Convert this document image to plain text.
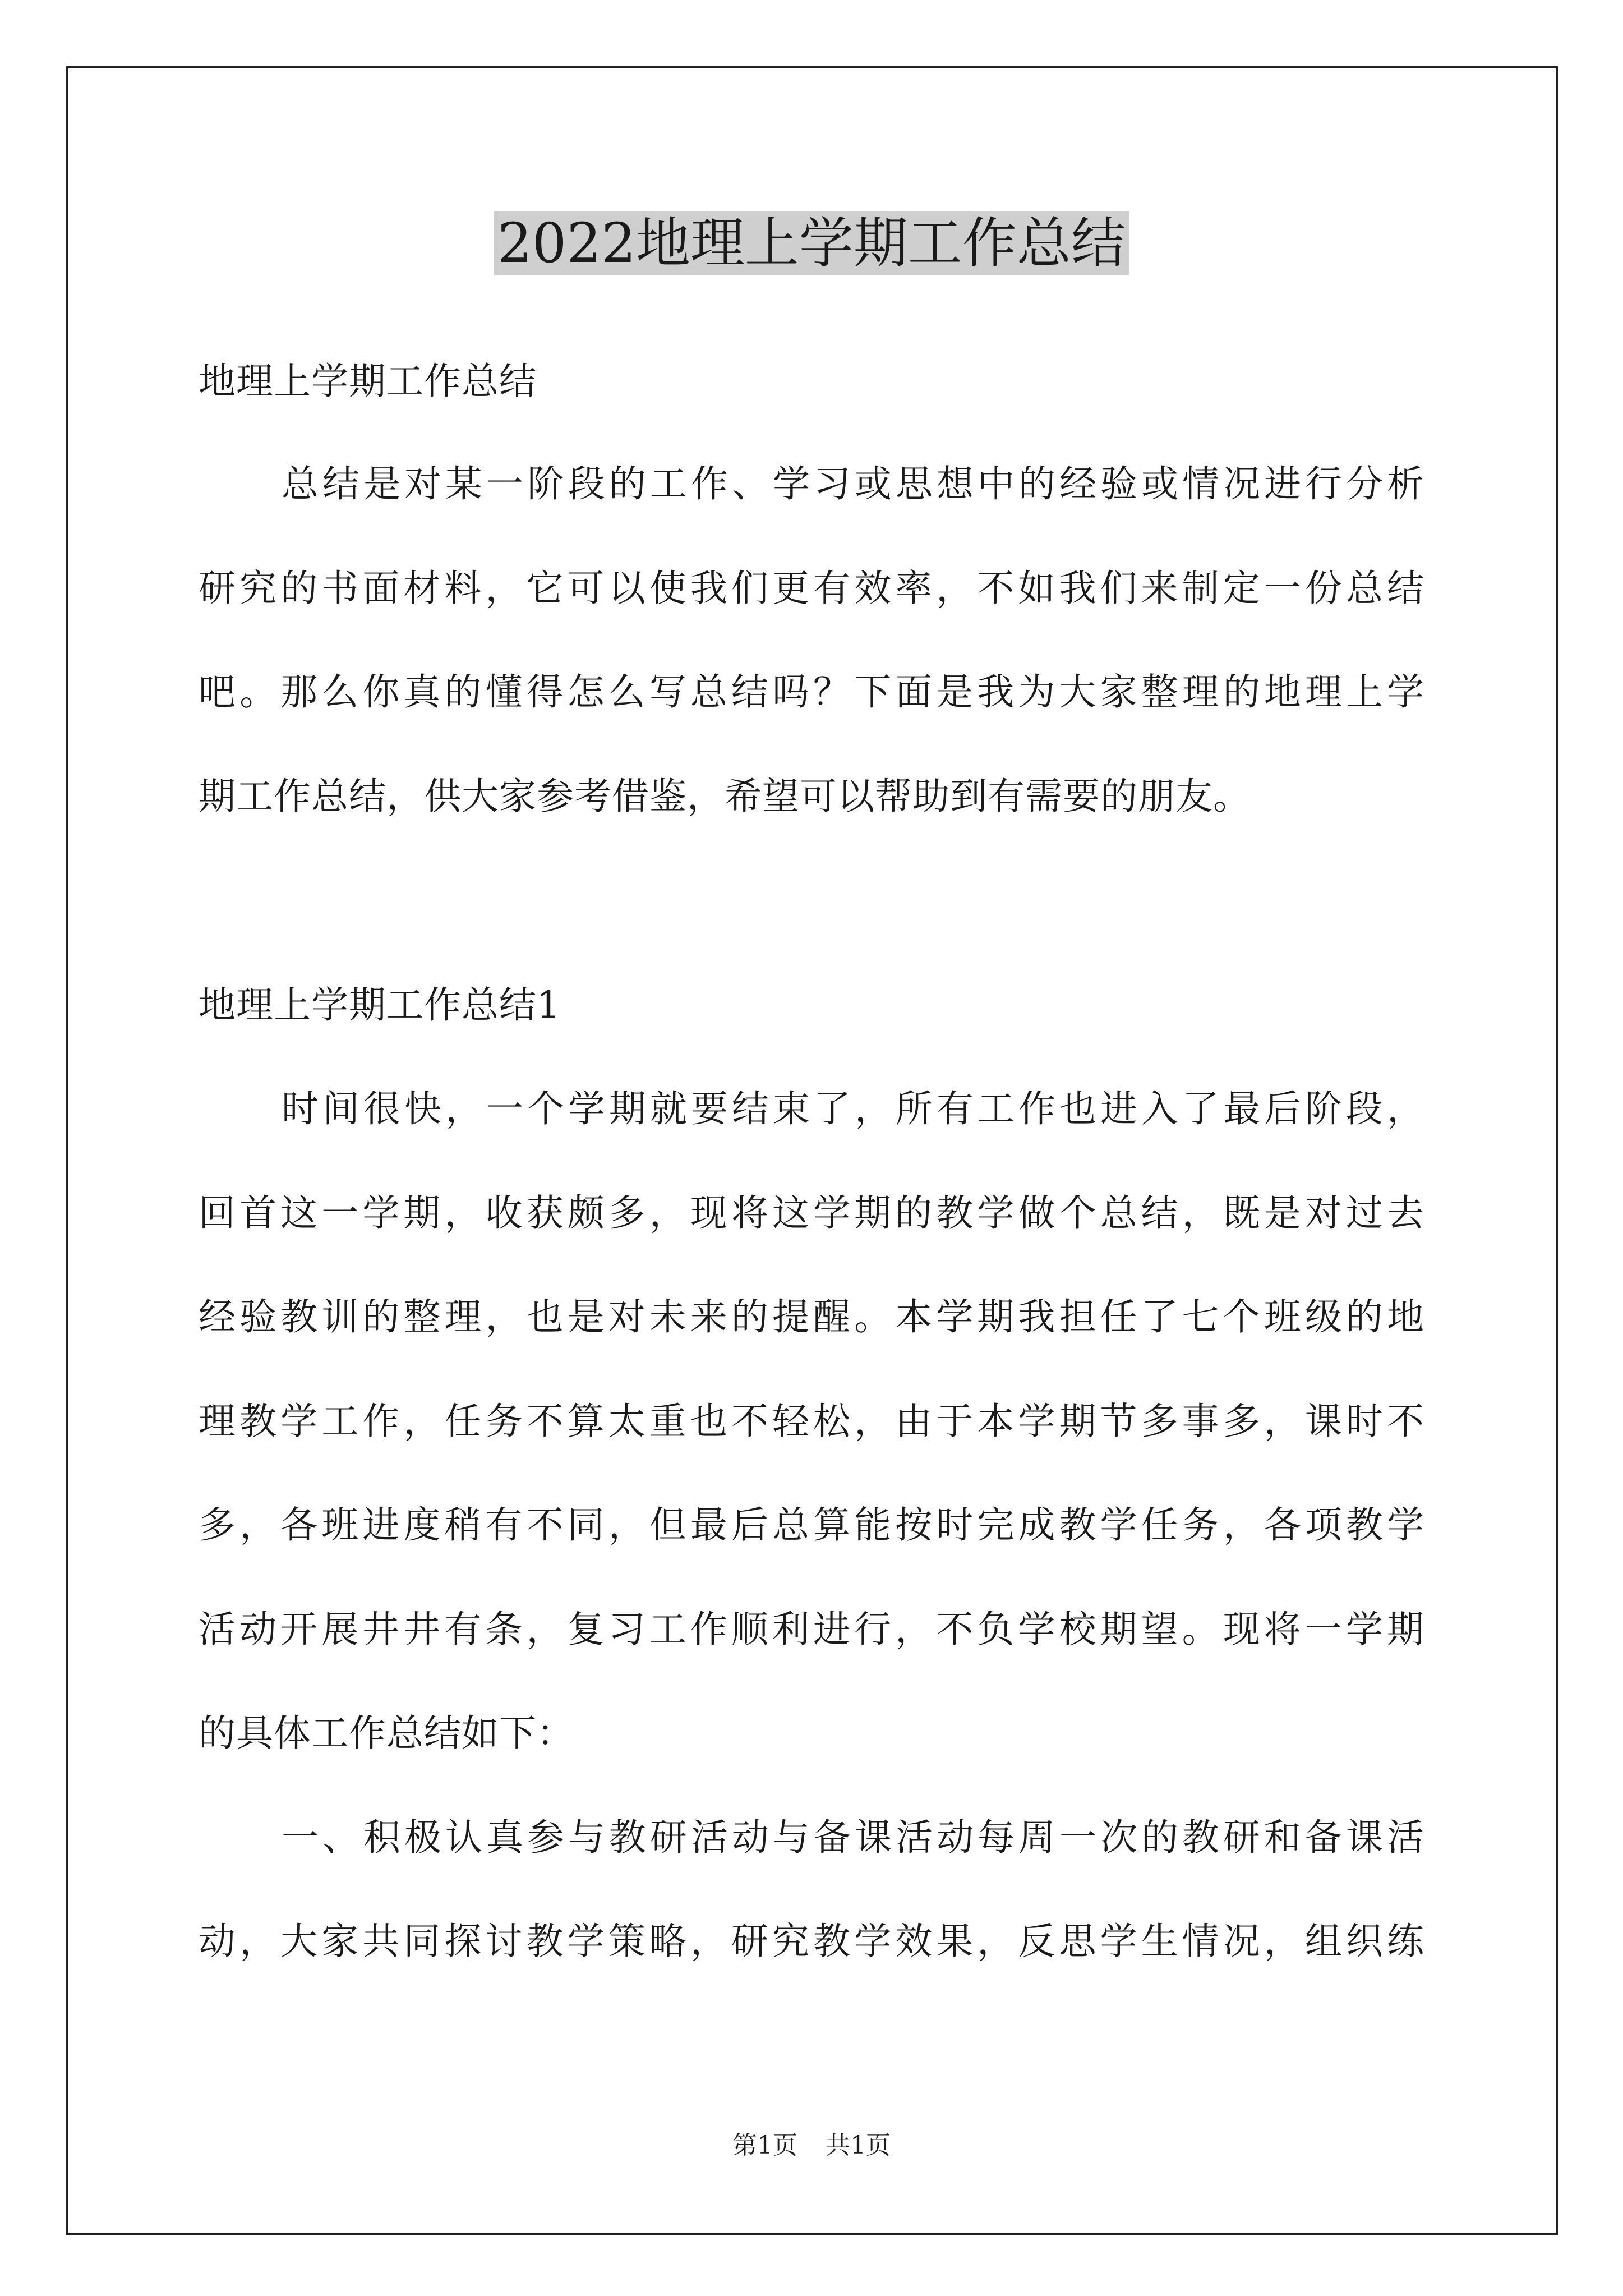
2022地理上学期工作总结

地理上学期工作总结

总结是对某一阶段的工作、学习或思想中的经验或情况进行分析

研究的书面材料，它可以使我们更有效率，不如我们来制定一份总结

吧。那么你真的懂得怎么写总结吗？下面是我为大家整理的地理上学

期工作总结，供大家参考借鉴，希望可以帮助到有需要的朋友。

地理上学期工作总结1

时间很快，一个学期就要结束了，所有工作也进入了最后阶段，

回首这一学期，收获颇多，现将这学期的教学做个总结，既是对过去

经验教训的整理，也是对未来的提醒。本学期我担任了七个班级的地

理教学工作，任务不算太重也不轻松，由于本学期节多事多，课时不

多，各班进度稍有不同，但最后总算能按时完成教学任务，各项教学

活动开展井井有条，复习工作顺利进行，不负学校期望。现将一学期

的具体工作总结如下：

一、积极认真参与教研活动与备课活动每周一次的教研和备课活

动，大家共同探讨教学策略，研究教学效果，反思学生情况，组织练

第1页 共1页
